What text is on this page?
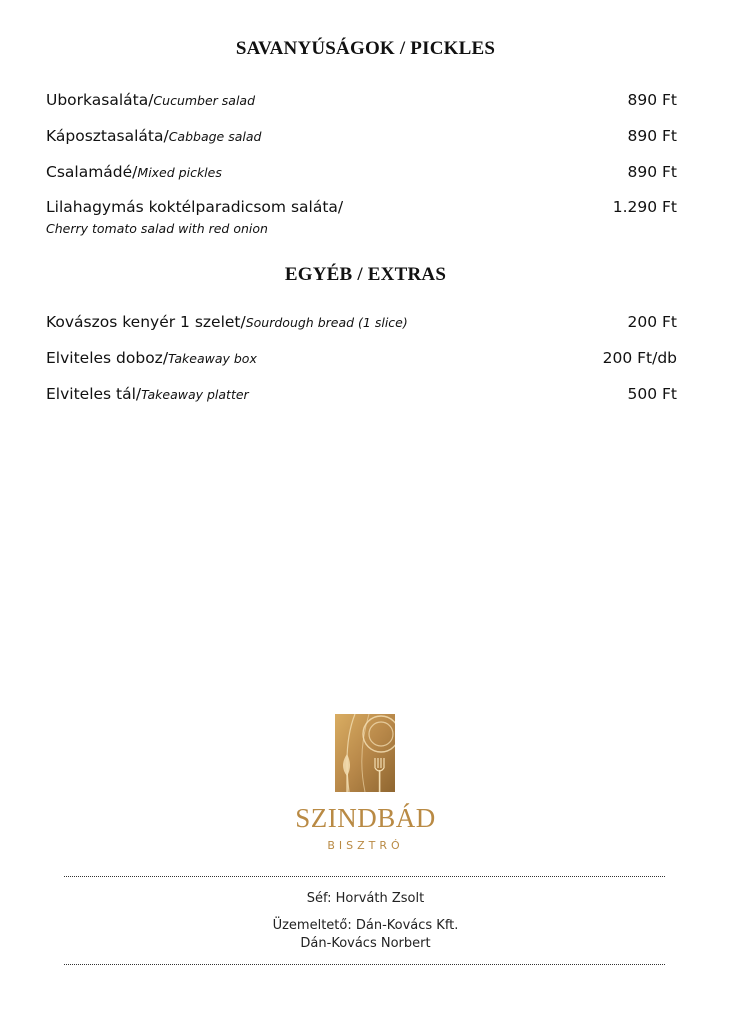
SAVANYÚSÁGOK / PICKLES
Uborkasaláta/Cucumber salad	890 Ft
Káposztasaláta/Cabbage salad	890 Ft
Csalamádé/Mixed pickles	890 Ft
Lilahagymás koktélparadicsom saláta/	1.290 Ft
Cherry tomato salad with red onion
EGYÉB / EXTRAS
Kovászos kenyér 1 szelet/Sourdough bread (1 slice)	200 Ft
Elviteles doboz/Takeaway box	200 Ft/db
Elviteles tál/Takeaway platter	500 Ft
SZINDBÁD
BISZTRÓ
Séf: Horváth Zsolt
Üzemeltető: Dán-Kovács Kft.
Dán-Kovács Norbert
